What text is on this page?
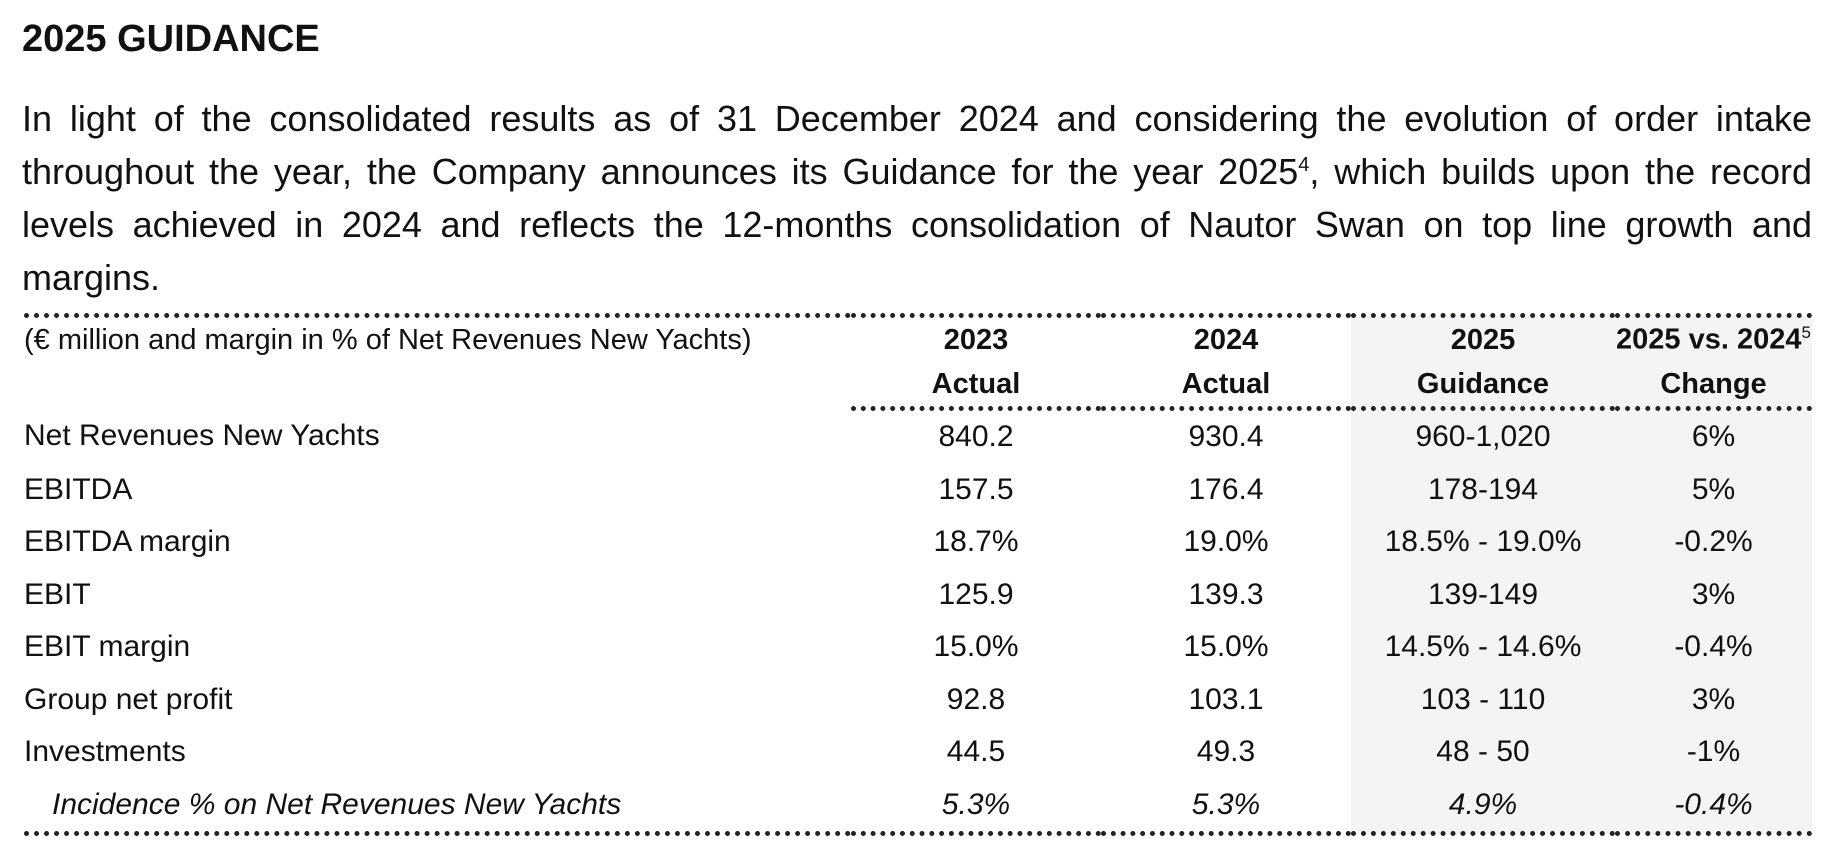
2025 GUIDANCE

In light of the consolidated results as of 31 December 2024 and considering the evolution of order intake throughout the year, the Company announces its Guidance for the year 2025$^4$, which builds upon the record levels achieved in 2024 and reflects the 12-months consolidation of Nautor Swan on top line growth and margins.

(€ million and margin in % of Net Revenues New Yachts)	2023	2024	2025	2025 vs. 2024$^5$
	Actual	Actual	Guidance	Change
Net Revenues New Yachts	840.2	930.4	960-1,020	6%
EBITDA	157.5	176.4	178-194	5%
EBITDA margin	18.7%	19.0%	18.5% - 19.0%	-0.2%
EBIT	125.9	139.3	139-149	3%
EBIT margin	15.0%	15.0%	14.5% - 14.6%	-0.4%
Group net profit	92.8	103.1	103 - 110	3%
Investments	44.5	49.3	48 - 50	-1%
Incidence % on Net Revenues New Yachts	5.3%	5.3%	4.9%	-0.4%
